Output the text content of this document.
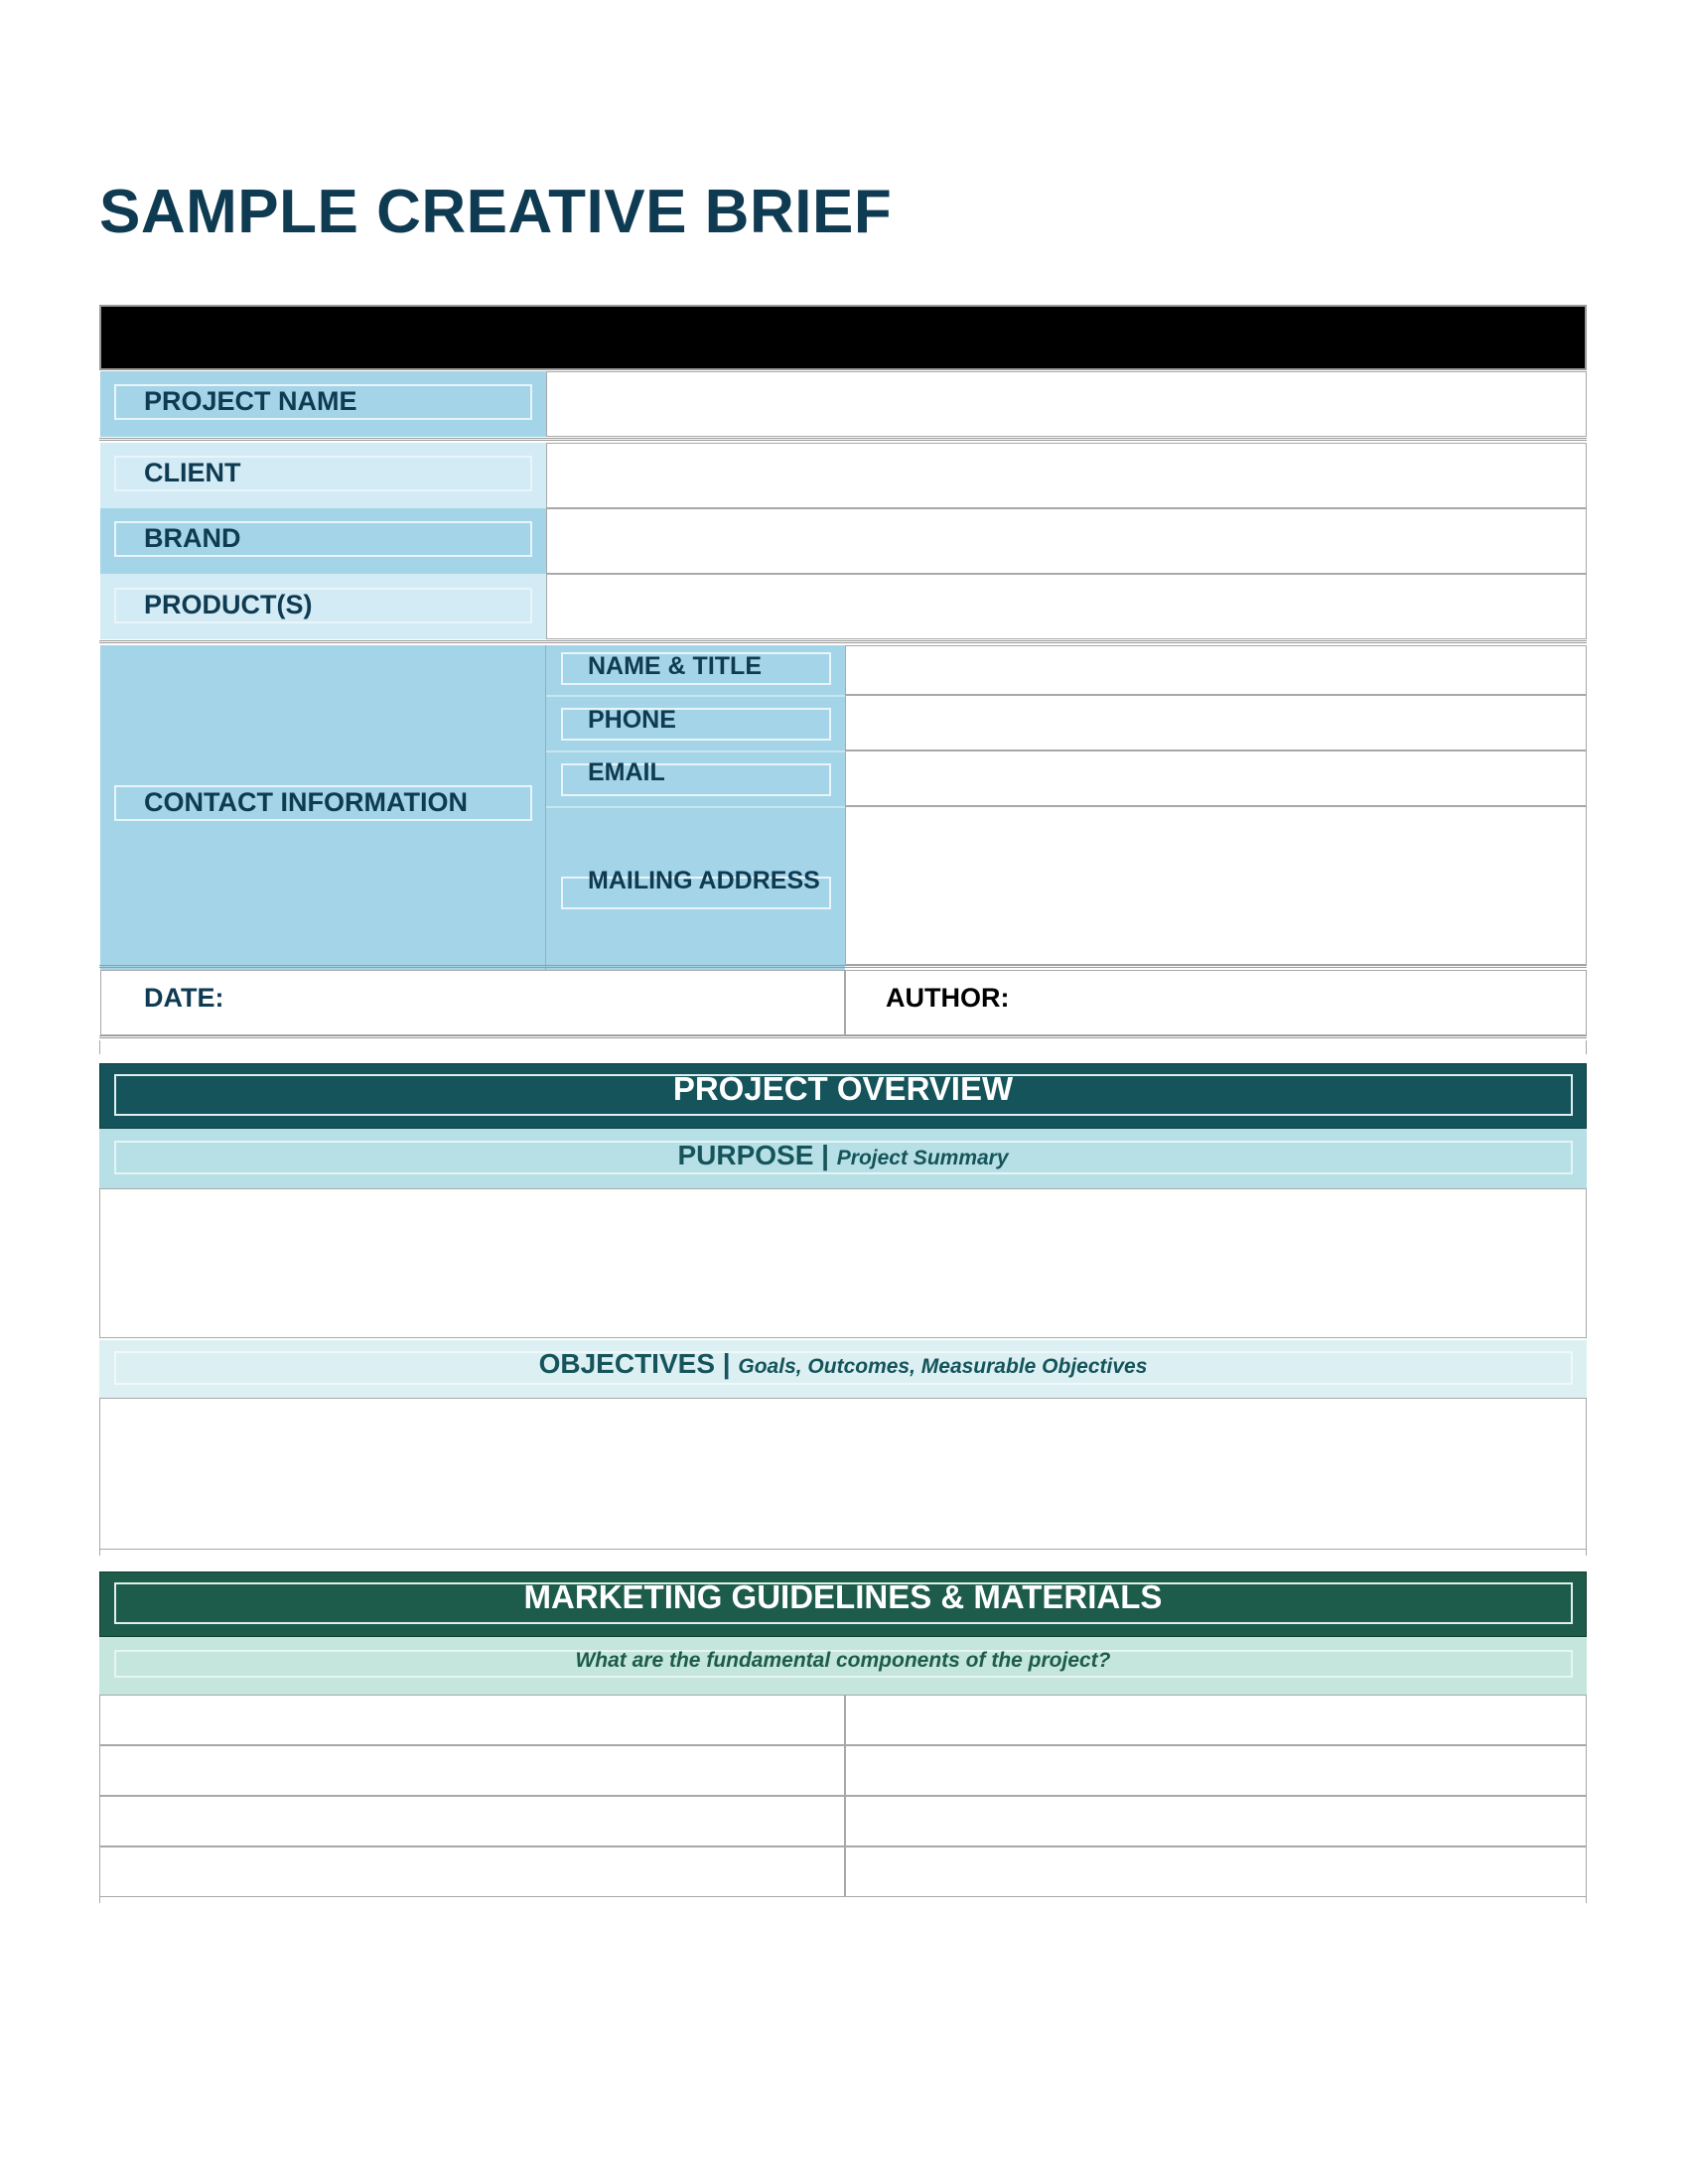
SAMPLE CREATIVE BRIEF
PROJECT NAME
CLIENT
BRAND
PRODUCT(S)
CONTACT INFORMATION
NAME & TITLE
PHONE
EMAIL
MAILING ADDRESS
DATE:	AUTHOR:
PROJECT OVERVIEW
PURPOSE | Project Summary
OBJECTIVES | Goals, Outcomes, Measurable Objectives
MARKETING GUIDELINES & MATERIALS
What are the fundamental components of the project?
